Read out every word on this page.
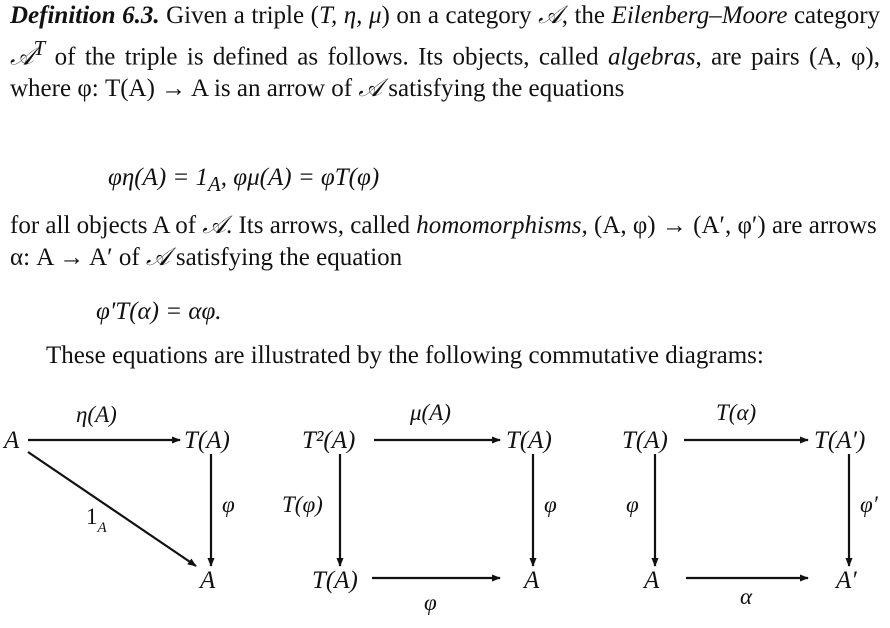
Definition 6.3. Given a triple (T, η, μ) on a category 𝒜, the Eilenberg–Moore category 𝒜$^T$ of the triple is defined as follows. Its objects, called algebras, are pairs (A, φ), where φ: T(A) → A is an arrow of 𝒜 satisfying the equations

$\varphi\eta(A) = 1_A$, φμ(A) = φT(φ)

for all objects A of 𝒜. Its arrows, called homomorphisms, (A, φ) → (A′, φ′) are arrows α: A → A′ of 𝒜 satisfying the equation

φ′T(α) = αφ.

These equations are illustrated by the following commutative diagrams:

A	T(A)
A
η(A)
φ
$1_A$
T²(A)	T(A)
T(A)	A
μ(A)
T(φ)	φ
φ
T(A)	T(A′)
A	A′
T(α)
φ	φ′
α
